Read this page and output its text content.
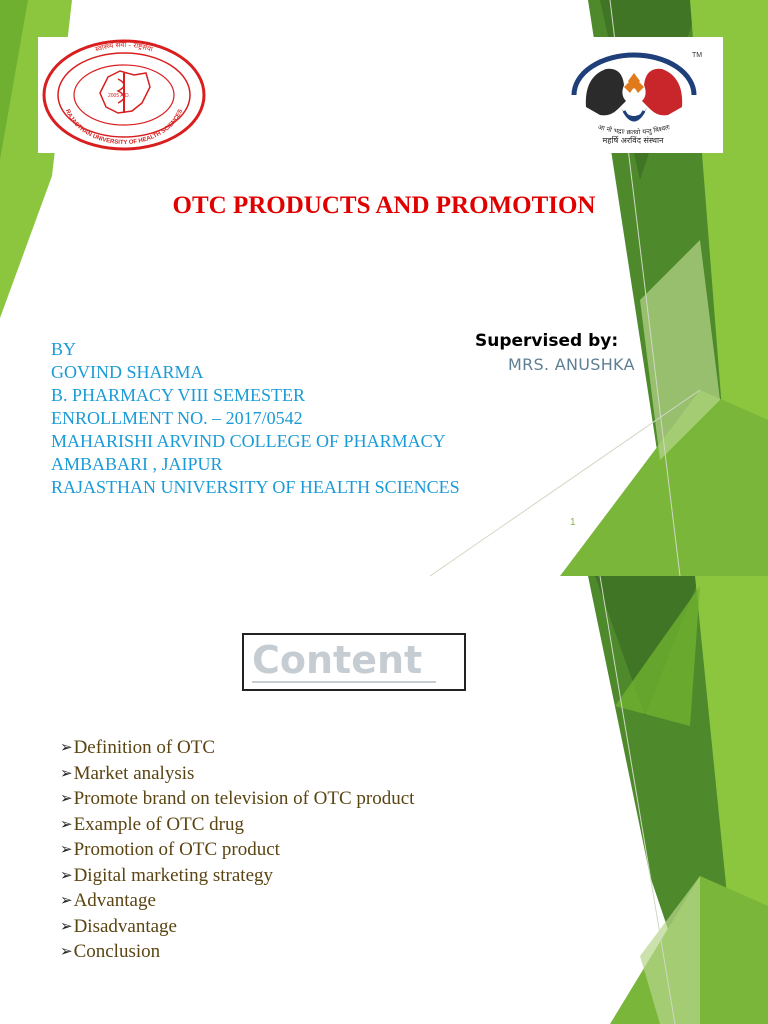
2005 A.D.
स्वास्थ्य सेवा - राष्ट्रसेवा
RAJASTHAN UNIVERSITY OF HEALTH SCIENCES
TM
आ नो भद्राः क्रतवो यन्तु विश्वतः
महर्षि अरविंद संस्थान
OTC PRODUCTS AND PROMOTION
BY
GOVIND SHARMA
B. PHARMACY VIII SEMESTER
ENROLLMENT NO. – 2017/0542
MAHARISHI ARVIND COLLEGE OF PHARMACY
AMBABARI , JAIPUR
RAJASTHAN UNIVERSITY OF HEALTH SCIENCES
Supervised by:
MRS. ANUSHKA
1
Content
➢Definition of OTC
➢Market analysis
➢Promote brand on television of OTC product
➢Example of OTC drug
➢Promotion of OTC product
➢Digital marketing strategy
➢Advantage
➢Disadvantage
➢Conclusion
